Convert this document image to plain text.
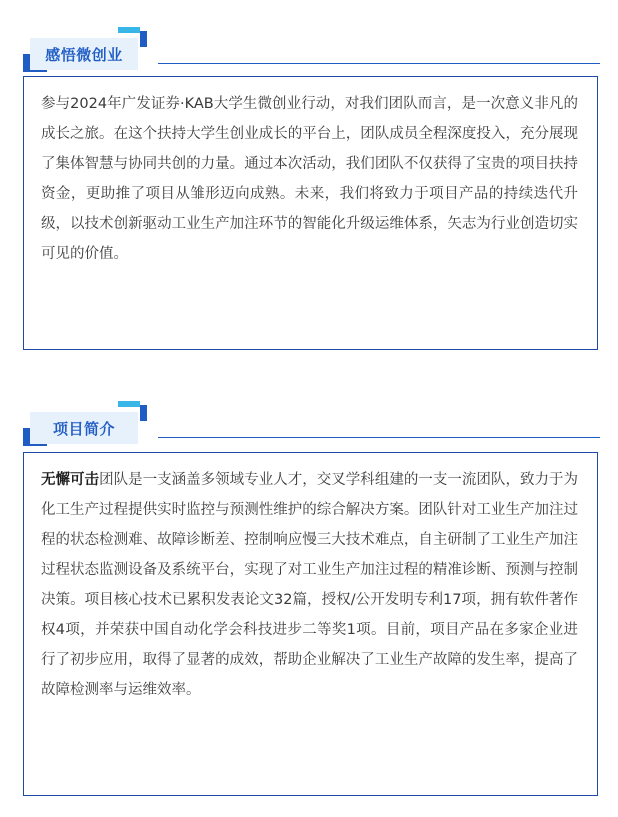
感悟微创业

参与2024年广发证券·KAB大学生微创业行动，对我们团队而言，是一次意义非凡的成长之旅。在这个扶持大学生创业成长的平台上，团队成员全程深度投入，充分展现了集体智慧与协同共创的力量。通过本次活动，我们团队不仅获得了宝贵的项目扶持资金，更助推了项目从雏形迈向成熟。未来，我们将致力于项目产品的持续迭代升级，以技术创新驱动工业生产加注环节的智能化升级运维体系，矢志为行业创造切实可见的价值。

项目简介

无懈可击团队是一支涵盖多领域专业人才，交叉学科组建的一支一流团队，致力于为化工生产过程提供实时监控与预测性维护的综合解决方案。团队针对工业生产加注过程的状态检测难、故障诊断差、控制响应慢三大技术难点，自主研制了工业生产加注过程状态监测设备及系统平台，实现了对工业生产加注过程的精准诊断、预测与控制决策。项目核心技术已累积发表论文32篇，授权/公开发明专利17项，拥有软件著作权4项，并荣获中国自动化学会科技进步二等奖1项。目前，项目产品在多家企业进行了初步应用，取得了显著的成效，帮助企业解决了工业生产故障的发生率，提高了故障检测率与运维效率。
